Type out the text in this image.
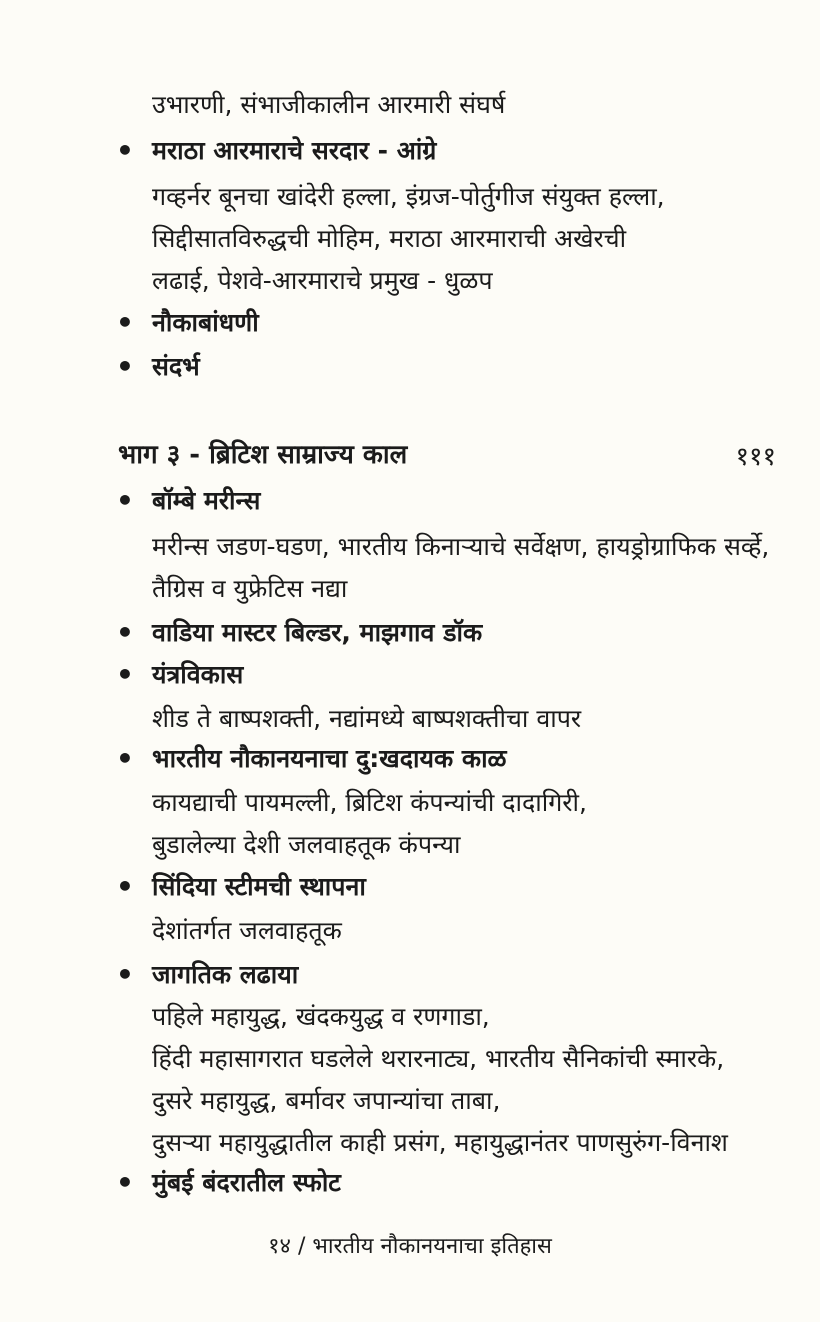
उभारणी, संभाजीकालीन आरमारी संघर्ष
• मराठा आरमाराचे सरदार - आंग्रे
गव्हर्नर बूनचा खांदेरी हल्ला, इंग्रज-पोर्तुगीज संयुक्त हल्ला,
सिद्दीसातविरुद्धची मोहिम, मराठा आरमाराची अखेरची
लढाई, पेशवे-आरमाराचे प्रमुख - धुळप
• नौकाबांधणी
• संदर्भ
भाग ३ - ब्रिटिश साम्राज्य काल	१११
• बॉम्बे मरीन्स
मरीन्स जडण-घडण, भारतीय किनाऱ्याचे सर्वेक्षण, हायड्रोग्राफिक सर्व्हे,
तैग्रिस व युफ्रेटिस नद्या
• वाडिया मास्टर बिल्डर, माझगाव डॉक
• यंत्रविकास
शीड ते बाष्पशक्ती, नद्यांमध्ये बाष्पशक्तीचा वापर
• भारतीय नौकानयनाचा दु:खदायक काळ
कायद्याची पायमल्ली, ब्रिटिश कंपन्यांची दादागिरी,
बुडालेल्या देशी जलवाहतूक कंपन्या
• सिंदिया स्टीमची स्थापना
देशांतर्गत जलवाहतूक
• जागतिक लढाया
पहिले महायुद्ध, खंदकयुद्ध व रणगाडा,
हिंदी महासागरात घडलेले थरारनाट्य, भारतीय सैनिकांची स्मारके,
दुसरे महायुद्ध, बर्मावर जपान्यांचा ताबा,
दुसऱ्या महायुद्धातील काही प्रसंग, महायुद्धानंतर पाणसुरुंग-विनाश
• मुंबई बंदरातील स्फोट
१४ / भारतीय नौकानयनाचा इतिहास
